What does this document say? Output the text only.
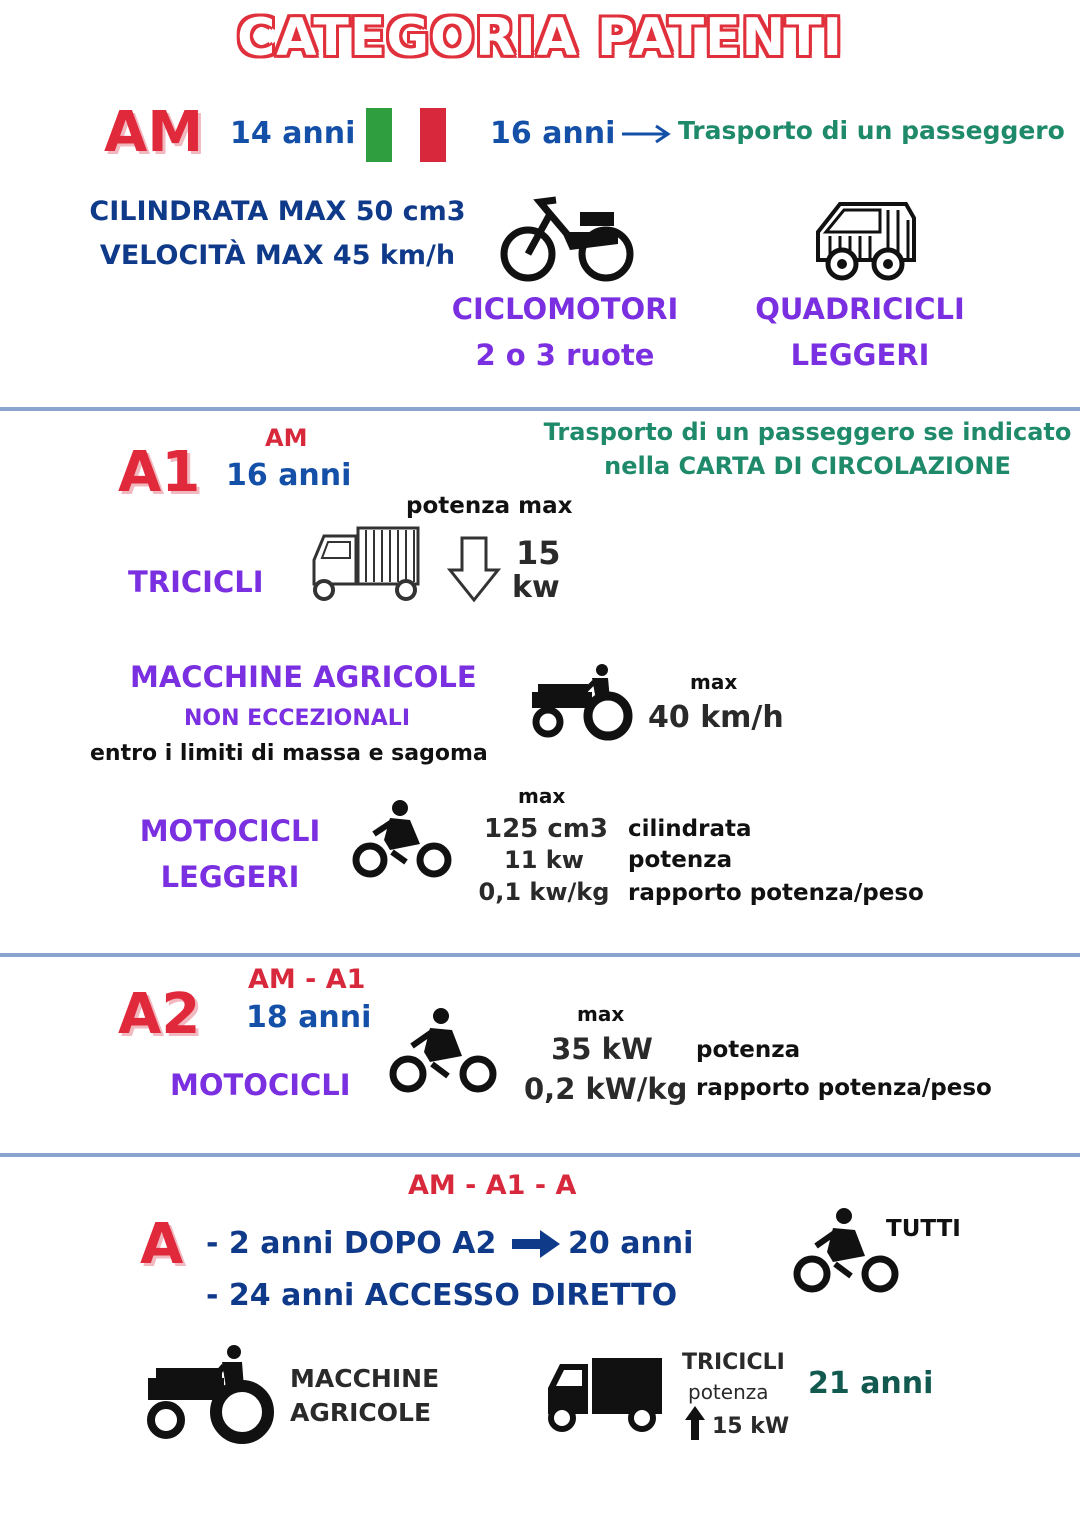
CATEGORIA PATENTI
AM 14 anni	16 anni	Trasporto di un passeggero
CILINDRATA MAX 50 cm3
VELOCITÀ MAX 45 km/h
CICLOMOTORI
2 o 3 ruote
QUADRICICLI
LEGGERI
A1
AM
16 anni
Trasporto di un passeggero se indicato
nella CARTA DI CIRCOLAZIONE
potenza max
TRICICLI
15
kw
MACCHINE AGRICOLE
NON ECCEZIONALI
entro i limiti di massa e sagoma
max
40 km/h
MOTOCICLI
LEGGERI
max
125 cm3
11 kw
0,1 kw/kg
cilindrata
potenza
rapporto potenza/peso
A2
AM - A1
18 anni
MOTOCICLI
max
35 kW
0,2 kW/kg
potenza
rapporto potenza/peso
AM - A1 - A
A - 2 anni DOPO A2 20 anni
- 24 anni ACCESSO DIRETTO
TUTTI
MACCHINE
AGRICOLE
TRICICLI
potenza
15 kW
21 anni
